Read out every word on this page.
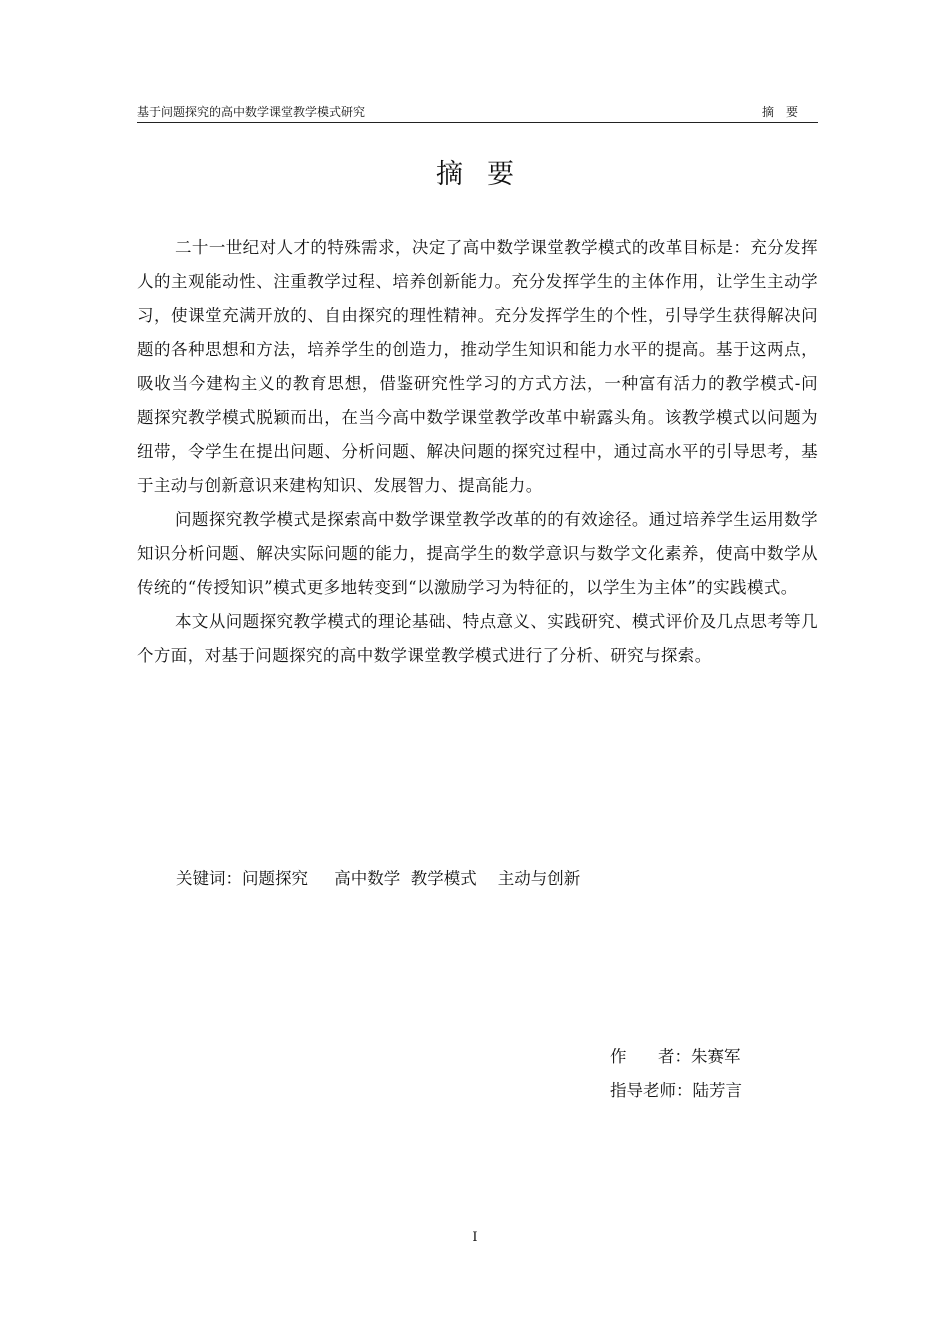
基于问题探究的高中数学课堂教学模式研究	摘要
摘要

二十一世纪对人才的特殊需求，决定了高中数学课堂教学模式的改革目标是：充分发挥人的主观能动性、注重教学过程、培养创新能力。充分发挥学生的主体作用，让学生主动学习，使课堂充满开放的、自由探究的理性精神。充分发挥学生的个性，引导学生获得解决问题的各种思想和方法，培养学生的创造力，推动学生知识和能力水平的提高。基于这两点，吸收当今建构主义的教育思想，借鉴研究性学习的方式方法，一种富有活力的教学模式-问题探究教学模式脱颖而出，在当今高中数学课堂教学改革中崭露头角。该教学模式以问题为纽带，令学生在提出问题、分析问题、解决问题的探究过程中，通过高水平的引导思考，基于主动与创新意识来建构知识、发展智力、提高能力。

问题探究教学模式是探索高中数学课堂教学改革的的有效途径。通过培养学生运用数学知识分析问题、解决实际问题的能力，提高学生的数学意识与数学文化素养，使高中数学从传统的“传授知识”模式更多地转变到“以激励学习为特征的，以学生为主体”的实践模式。

本文从问题探究教学模式的理论基础、特点意义、实践研究、模式评价及几点思考等几个方面，对基于问题探究的高中数学课堂教学模式进行了分析、研究与探索。

关键词：问题探究     高中数学  教学模式    主动与创新
作      者：朱赛军
指导老师：陆芳言
I
